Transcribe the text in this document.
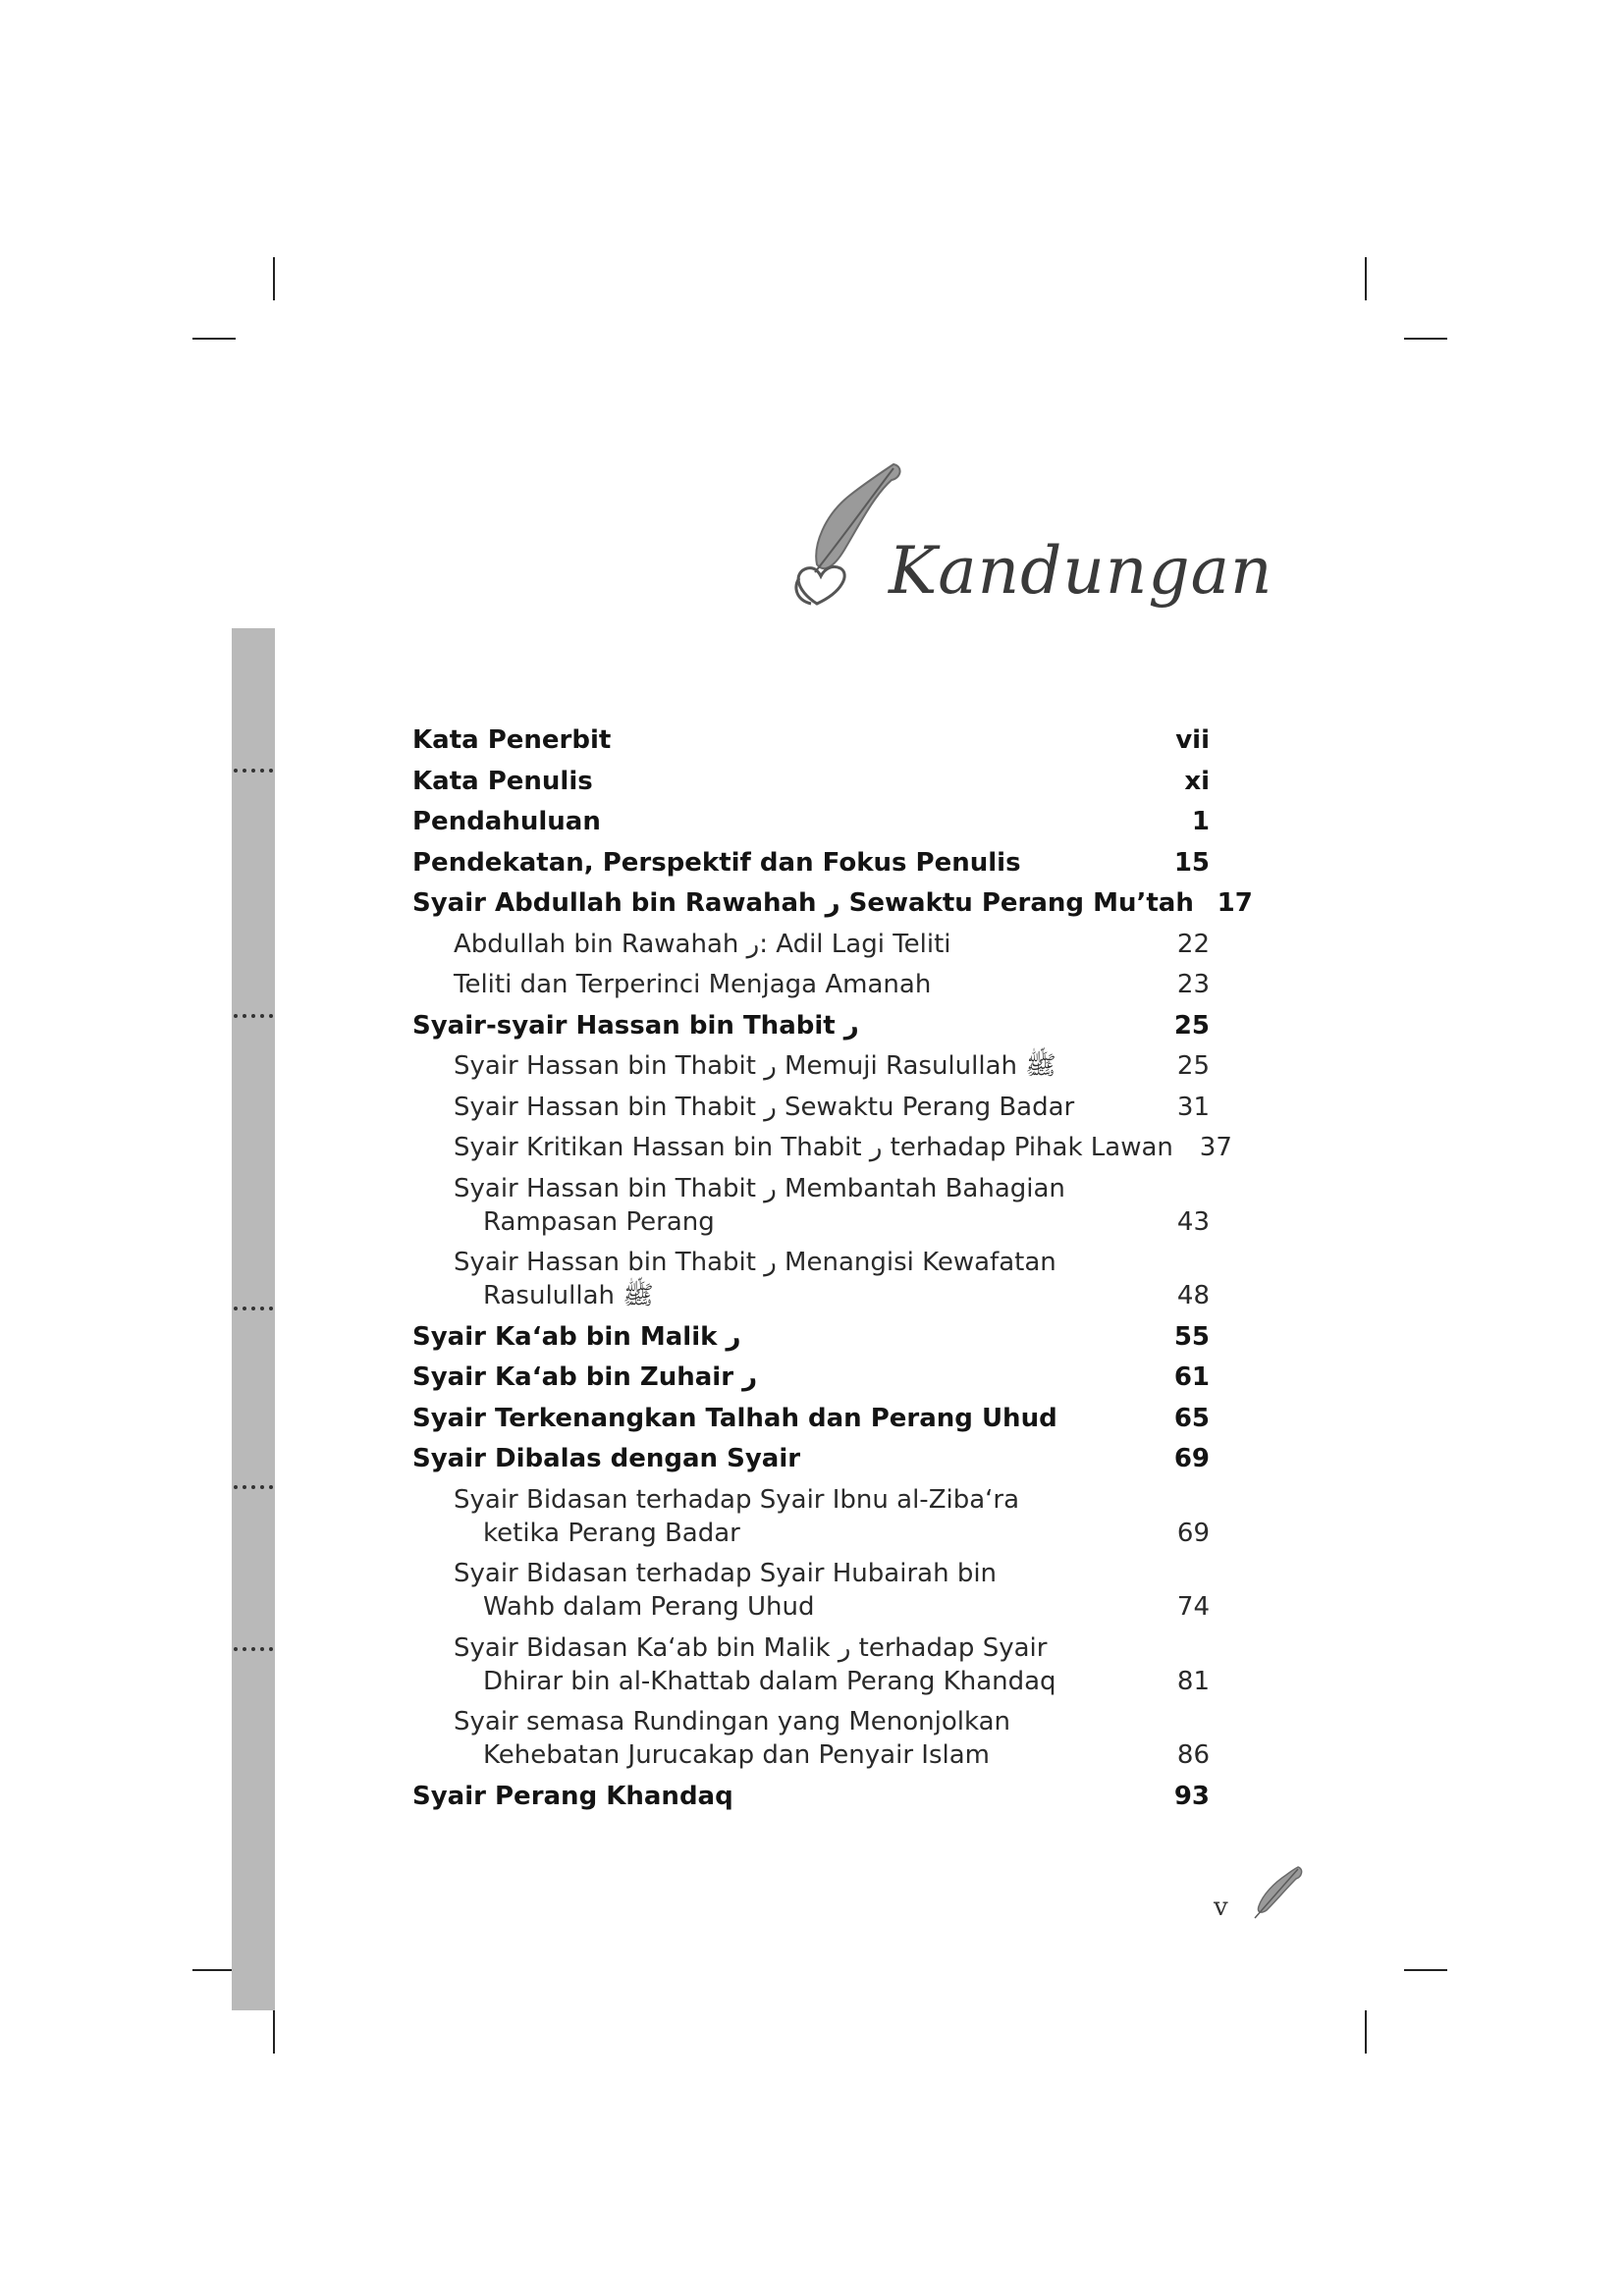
Kandungan
Kata Penerbit	vii
Kata Penulis	xi
Pendahuluan	1
Pendekatan, Perspektif dan Fokus Penulis	15
Syair Abdullah bin Rawahah ر Sewaktu Perang Mu’tah 17
Abdullah bin Rawahah ر: Adil Lagi Teliti	22
Teliti dan Terperinci Menjaga Amanah	23
Syair-syair Hassan bin Thabit ر	25
Syair Hassan bin Thabit ر Memuji Rasulullah ﷺ	25
Syair Hassan bin Thabit ر Sewaktu Perang Badar	31
Syair Kritikan Hassan bin Thabit ر terhadap Pihak Lawan	37
Syair Hassan bin Thabit ر Membantah Bahagian
Rampasan Perang	43
Syair Hassan bin Thabit ر Menangisi Kewafatan
Rasulullah ﷺ	48
Syair Ka‘ab bin Malik ر	55
Syair Ka‘ab bin Zuhair ر	61
Syair Terkenangkan Talhah dan Perang Uhud	65
Syair Dibalas dengan Syair	69
Syair Bidasan terhadap Syair Ibnu al-Ziba‘ra
ketika Perang Badar	69
Syair Bidasan terhadap Syair Hubairah bin
Wahb dalam Perang Uhud	74
Syair Bidasan Ka‘ab bin Malik ر terhadap Syair
Dhirar bin al-Khattab dalam Perang Khandaq	81
Syair semasa Rundingan yang Menonjolkan
Kehebatan Jurucakap dan Penyair Islam	86
Syair Perang Khandaq	93
v
